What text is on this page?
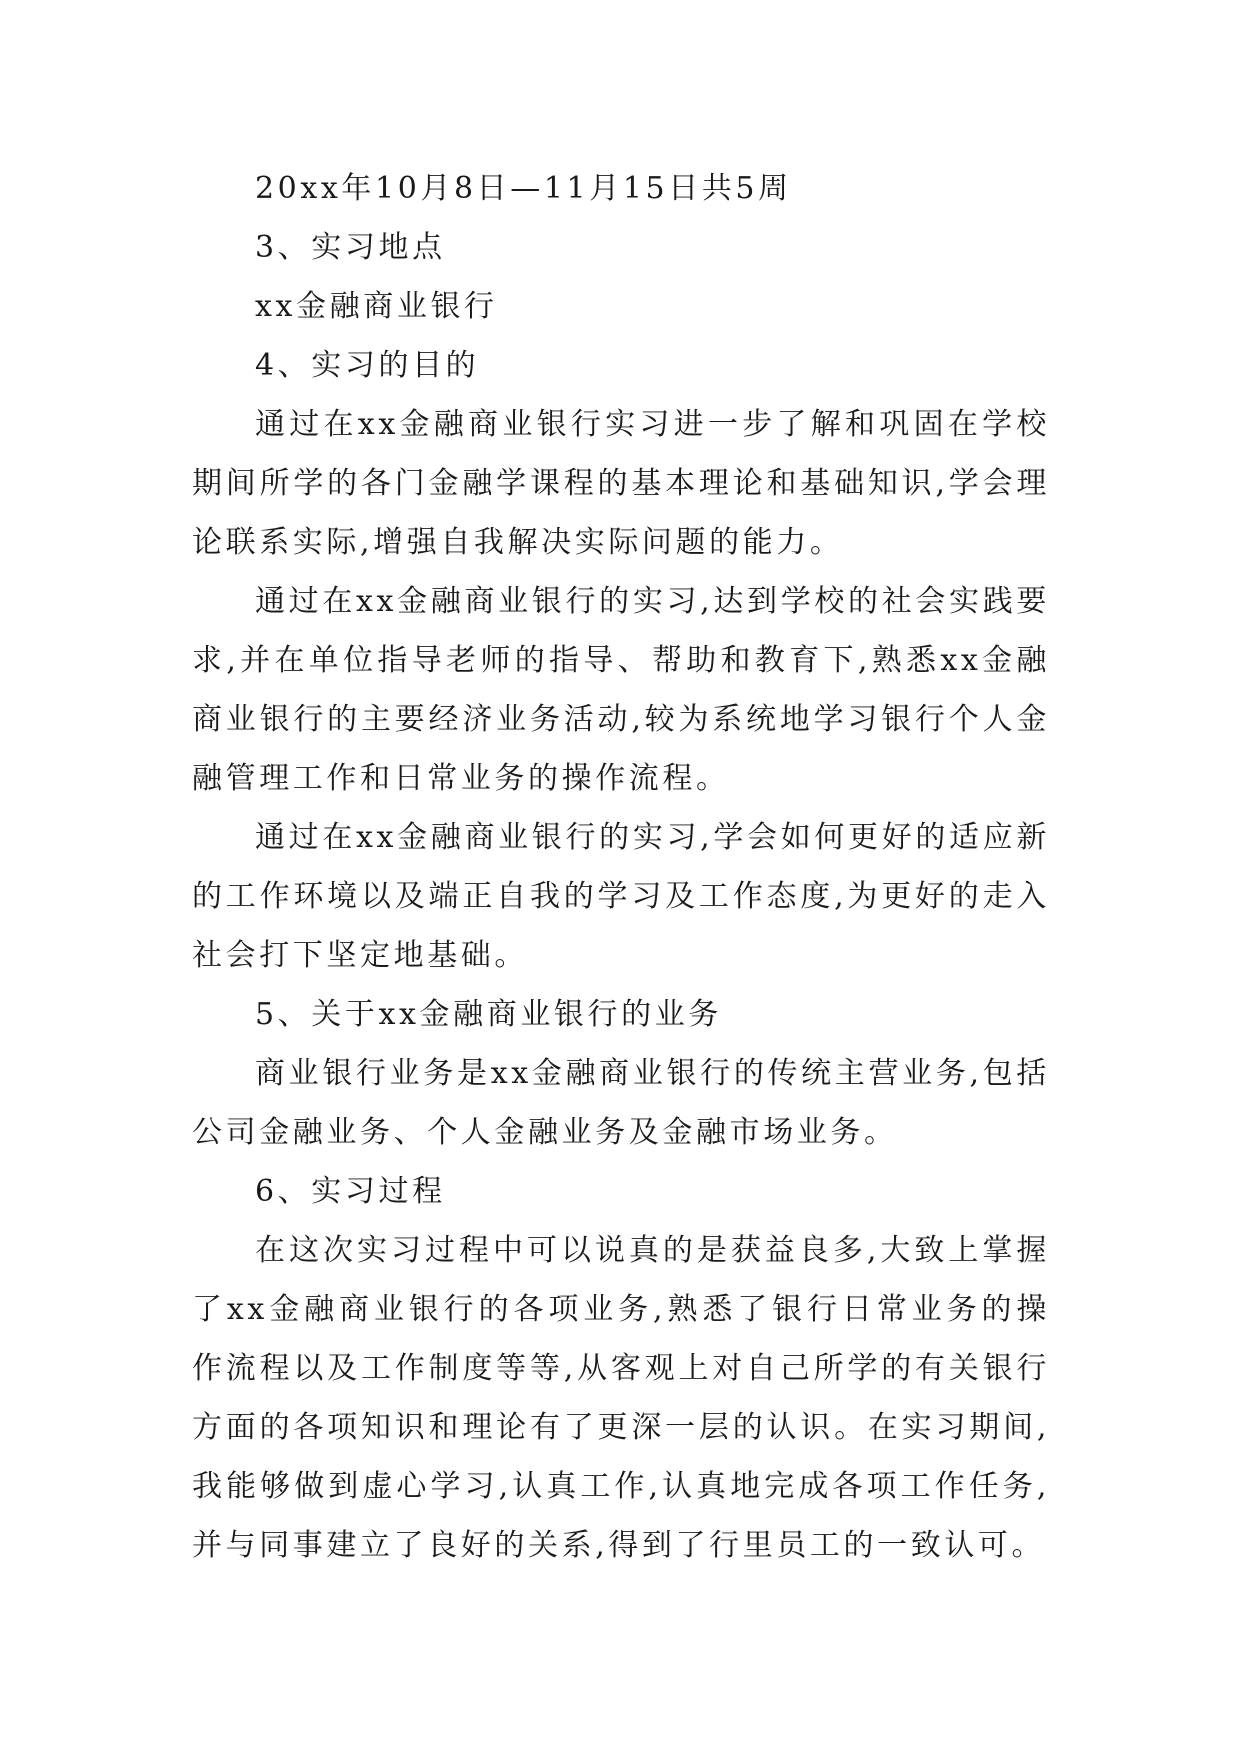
20xx年10月8日—11月15日共5周

3、实习地点

xx金融商业银行

4、实习的目的

通过在xx金融商业银行实习进一步了解和巩固在学校期间所学的各门金融学课程的基本理论和基础知识,学会理论联系实际,增强自我解决实际问题的能力。

通过在xx金融商业银行的实习,达到学校的社会实践要求,并在单位指导老师的指导、帮助和教育下,熟悉xx金融商业银行的主要经济业务活动,较为系统地学习银行个人金融管理工作和日常业务的操作流程。

通过在xx金融商业银行的实习,学会如何更好的适应新的工作环境以及端正自我的学习及工作态度,为更好的走入社会打下坚定地基础。

5、关于xx金融商业银行的业务

商业银行业务是xx金融商业银行的传统主营业务,包括公司金融业务、个人金融业务及金融市场业务。

6、实习过程

在这次实习过程中可以说真的是获益良多,大致上掌握了xx金融商业银行的各项业务,熟悉了银行日常业务的操作流程以及工作制度等等,从客观上对自己所学的有关银行方面的各项知识和理论有了更深一层的认识。在实习期间,我能够做到虚心学习,认真工作,认真地完成各项工作任务,并与同事建立了良好的关系,得到了行里员工的一致认可。
